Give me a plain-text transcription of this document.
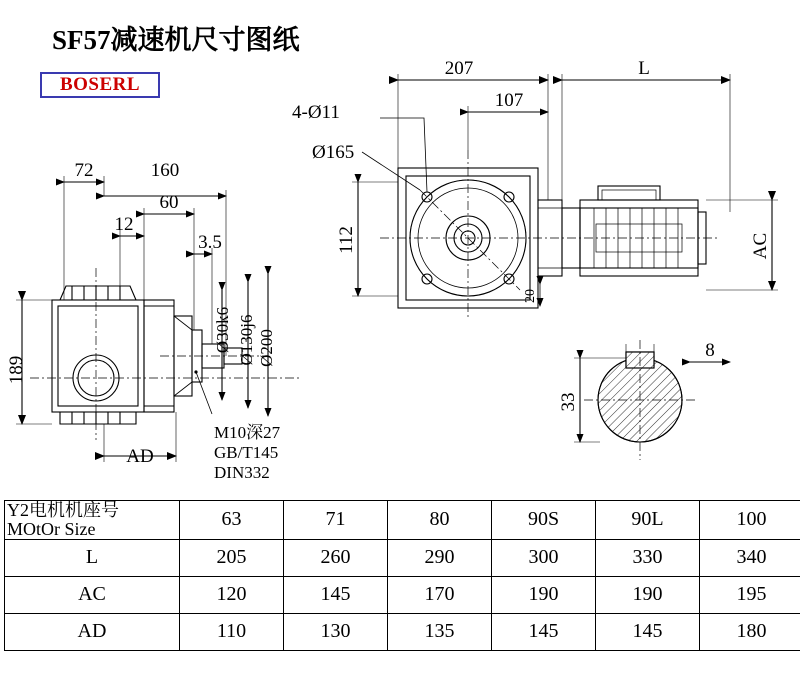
SF57减速机尺寸图纸
BOSERL
207	L
107
4-Ø11
Ø165
112
20
AC
72	160
60
12
3.5
189
AD
Ø30k6 Ø130j6 Ø200
M10深27
GB/T145
DIN332
8
33
Y2电机机座号
MOtOr Size	63	71	80	90S	90L	100
L	205	260	290	300	330	340
AC	120	145	170	190	190	195
AD	110	130	135	145	145	180
